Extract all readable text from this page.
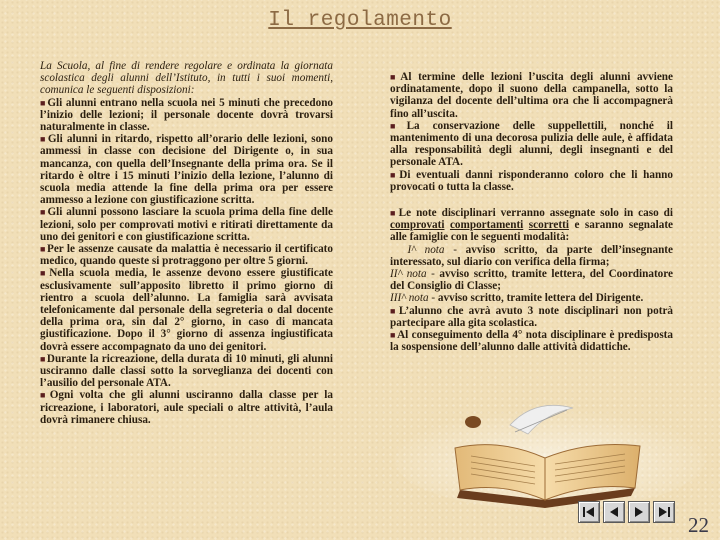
Il regolamento

La Scuola, al fine di rendere regolare e ordinata la giornata scolastica degli alunni dell’Istituto, in tutti i suoi momenti, comunica le seguenti disposizioni:

■Gli alunni entrano nella scuola nei 5 minuti che precedono l’inizio delle lezioni; il personale docente dovrà trovarsi naturalmente in classe.

■Gli alunni in ritardo, rispetto all’orario delle lezioni, sono ammessi in classe con decisione del Dirigente o, in sua mancanza, con quella dell’Insegnante della prima ora. Se il ritardo è oltre i 15 minuti l’inizio della lezione, l’alunno di scuola media attende la fine della prima ora per essere ammesso a lezione con giustificazione scritta.

■Gli alunni possono lasciare la scuola prima della fine delle lezioni, solo per comprovati motivi e ritirati direttamente da uno dei genitori e con giustificazione scritta.

■Per le assenze causate da malattia è necessario il certificato medico, quando queste si protraggono per oltre 5 giorni.

■Nella scuola media, le assenze devono essere giustificate esclusivamente sull’apposito libretto il primo giorno di rientro a scuola dell’alunno. La famiglia sarà avvisata telefonicamente dal personale della segreteria o dal docente della prima ora, sin dal 2° giorno, in caso di mancata giustificazione. Dopo il 3° giorno di assenza ingiustificata dovrà essere accompagnato da uno dei genitori.

■Durante la ricreazione, della durata di 10 minuti, gli alunni usciranno dalle classi sotto la sorveglianza dei docenti con l’ausilio del personale ATA.

■Ogni volta che gli alunni usciranno dalla classe per la ricreazione, i laboratori, aule speciali o altre attività, l’aula dovrà rimanere chiusa.

■Al termine delle lezioni l’uscita degli alunni avviene ordinatamente, dopo il suono della campanella, sotto la vigilanza del docente dell’ultima ora che li accompagnerà fino all’uscita.

■La conservazione delle suppellettili, nonché il mantenimento di una decorosa pulizia delle aule, è affidata alla responsabilità degli alunni, degli insegnanti e del personale ATA.

■Di eventuali danni risponderanno coloro che li hanno provocati o tutta la classe.

■Le note disciplinari verranno assegnate solo in caso di comprovati comportamenti scorretti e saranno segnalate alle famiglie con le seguenti modalità:

I^ nota - avviso scritto, da parte dell’insegnante interessato, sul diario con verifica della firma;

II^ nota - avviso scritto, tramite lettera, del Coordinatore del Consiglio di Classe;

III^ nota - avviso scritto, tramite lettera del Dirigente.

■L’alunno che avrà avuto 3 note disciplinari non potrà partecipare alla gita scolastica.

■Al conseguimento della 4° nota disciplinare è predisposta la sospensione dell’alunno dalle attività didattiche.

22
